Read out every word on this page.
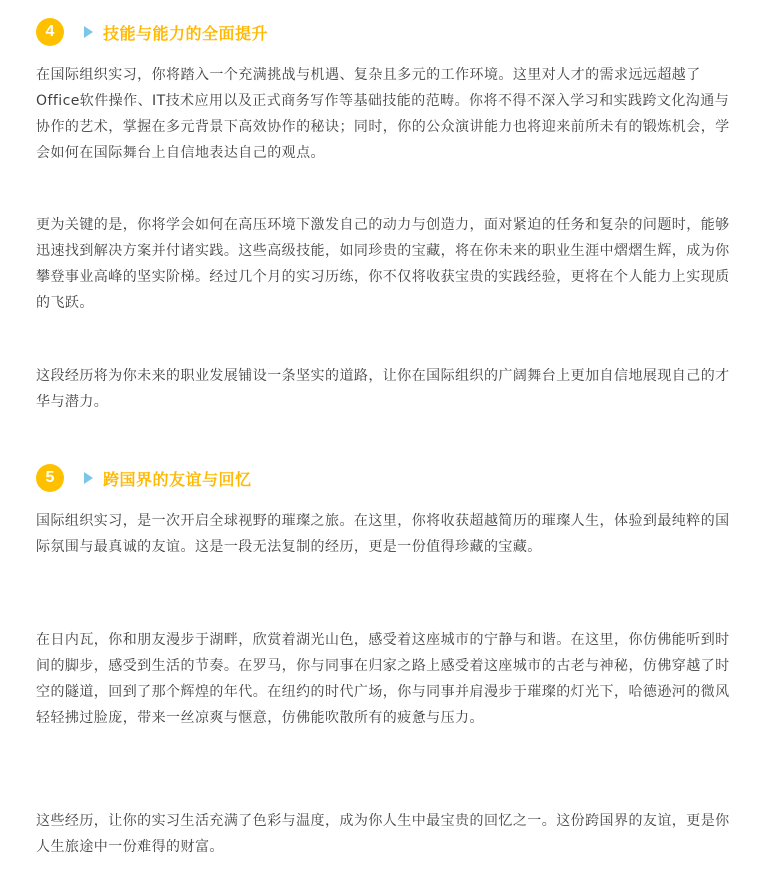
4	技能与能力的全面提升

在国际组织实习，你将踏入一个充满挑战与机遇、复杂且多元的工作环境。这里对人才的需求远远超越了Office软件操作、IT技术应用以及正式商务写作等基础技能的范畴。你将不得不深入学习和实践跨文化沟通与协作的艺术，掌握在多元背景下高效协作的秘诀；同时，你的公众演讲能力也将迎来前所未有的锻炼机会，学会如何在国际舞台上自信地表达自己的观点。

更为关键的是，你将学会如何在高压环境下激发自己的动力与创造力，面对紧迫的任务和复杂的问题时，能够迅速找到解决方案并付诸实践。这些高级技能，如同珍贵的宝藏，将在你未来的职业生涯中熠熠生辉，成为你攀登事业高峰的坚实阶梯。经过几个月的实习历练，你不仅将收获宝贵的实践经验，更将在个人能力上实现质的飞跃。

这段经历将为你未来的职业发展铺设一条坚实的道路，让你在国际组织的广阔舞台上更加自信地展现自己的才华与潜力。

5	跨国界的友谊与回忆

国际组织实习，是一次开启全球视野的璀璨之旅。在这里，你将收获超越简历的璀璨人生，体验到最纯粹的国际氛围与最真诚的友谊。这是一段无法复制的经历，更是一份值得珍藏的宝藏。

在日内瓦，你和朋友漫步于湖畔，欣赏着湖光山色，感受着这座城市的宁静与和谐。在这里，你仿佛能听到时间的脚步，感受到生活的节奏。在罗马，你与同事在归家之路上感受着这座城市的古老与神秘，仿佛穿越了时空的隧道，回到了那个辉煌的年代。在纽约的时代广场，你与同事并肩漫步于璀璨的灯光下，哈德逊河的微风轻轻拂过脸庞，带来一丝凉爽与惬意，仿佛能吹散所有的疲惫与压力。

这些经历，让你的实习生活充满了色彩与温度，成为你人生中最宝贵的回忆之一。这份跨国界的友谊，更是你人生旅途中一份难得的财富。
